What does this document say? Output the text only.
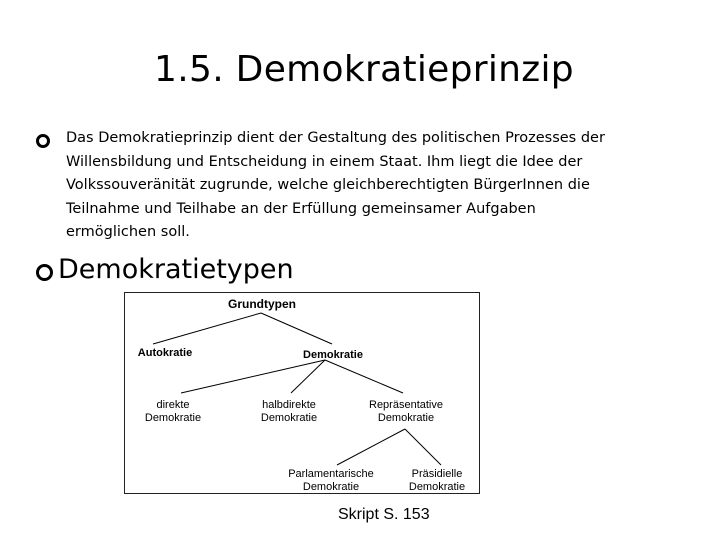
1.5. Demokratieprinzip

Das Demokratieprinzip dient der Gestaltung des politischen Prozesses der
Willensbildung und Entscheidung in einem Staat. Ihm liegt die Idee der
Volkssouveränität zugrunde, welche gleichberechtigten BürgerInnen die
Teilnahme und Teilhabe an der Erfüllung gemeinsamer Aufgaben
ermöglichen soll.

Demokratietypen
Grundtypen
Autokratie	Demokratie
direkte
Demokratie
halbdirekte
Demokratie
Repräsentative
Demokratie
Parlamentarische
Demokratie
Präsidielle
Demokratie
Skript S. 153
